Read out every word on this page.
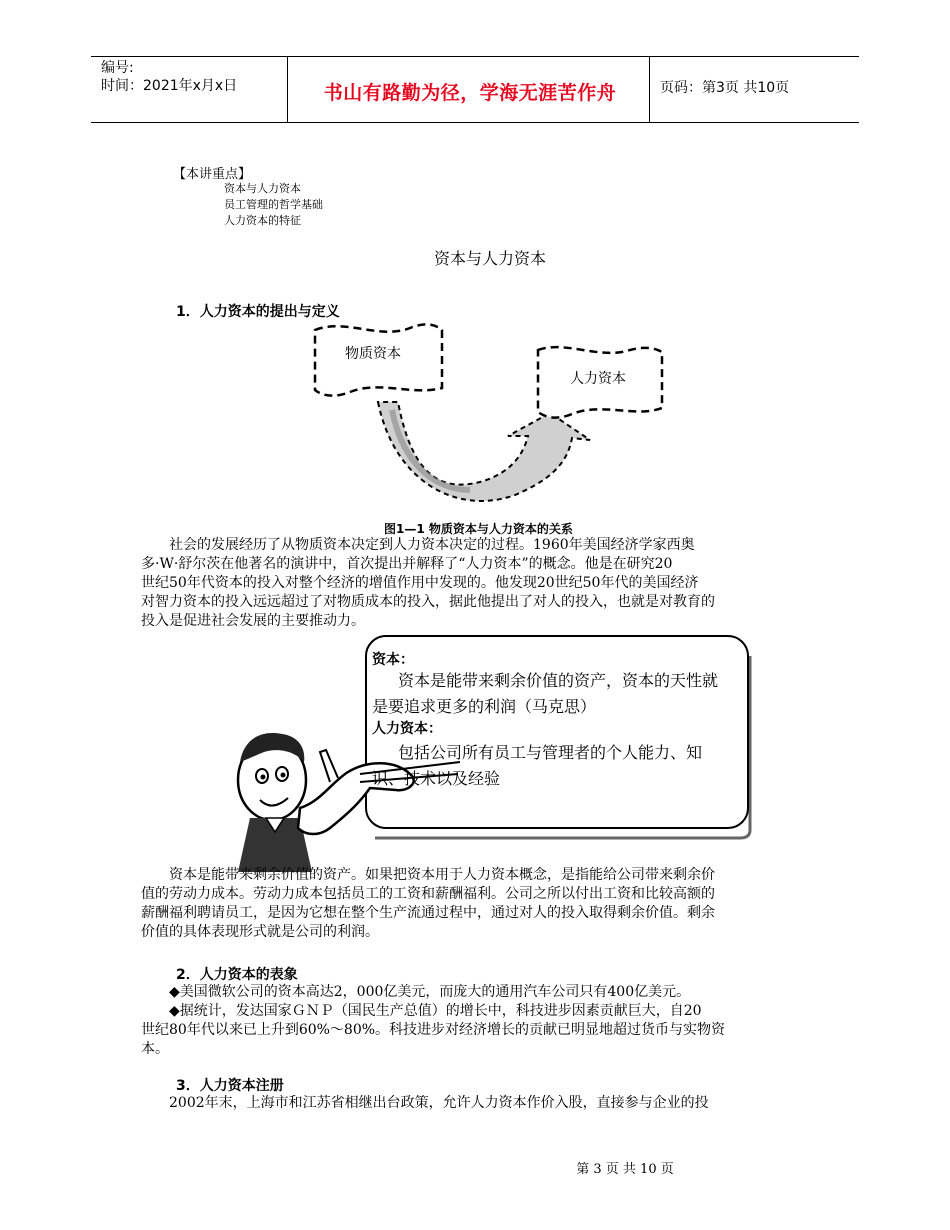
编号:
时间：2021年x月x日	书山有路勤为径，学海无涯苦作舟	页码：第3页 共10页
【本讲重点】
资本与人力资本
员工管理的哲学基础
人力资本的特征
资本与人力资本
1．人力资本的提出与定义
物质资本
人力资本
图1—1 物质资本与人力资本的关系
社会的发展经历了从物质资本决定到人力资本决定的过程。1960年美国经济学家西奥
多·W·舒尔茨在他著名的演讲中，首次提出并解释了“人力资本”的概念。他是在研究20
世纪50年代资本的投入对整个经济的增值作用中发现的。他发现20世纪50年代的美国经济
对智力资本的投入远远超过了对物质成本的投入，据此他提出了对人的投入，也就是对教育的
投入是促进社会发展的主要推动力。
资本：
资本是能带来剩余价值的资产，资本的天性就
是要追求更多的利润（马克思）
人力资本：
包括公司所有员工与管理者的个人能力、知
识、技术以及经验
资本是能带来剩余价值的资产。如果把资本用于人力资本概念，是指能给公司带来剩余价
值的劳动力成本。劳动力成本包括员工的工资和薪酬福利。公司之所以付出工资和比较高额的
薪酬福利聘请员工，是因为它想在整个生产流通过程中，通过对人的投入取得剩余价值。剩余
价值的具体表现形式就是公司的利润。
2．人力资本的表象
◆美国微软公司的资本高达2，000亿美元，而庞大的通用汽车公司只有400亿美元。
◆据统计，发达国家ＧＮＰ（国民生产总值）的增长中，科技进步因素贡献巨大，自20
世纪80年代以来已上升到60%～80%。科技进步对经济增长的贡献已明显地超过货币与实物资
本。
3．人力资本注册
2002年末，上海市和江苏省相继出台政策，允许人力资本作价入股，直接参与企业的投
第 3 页 共 10 页
